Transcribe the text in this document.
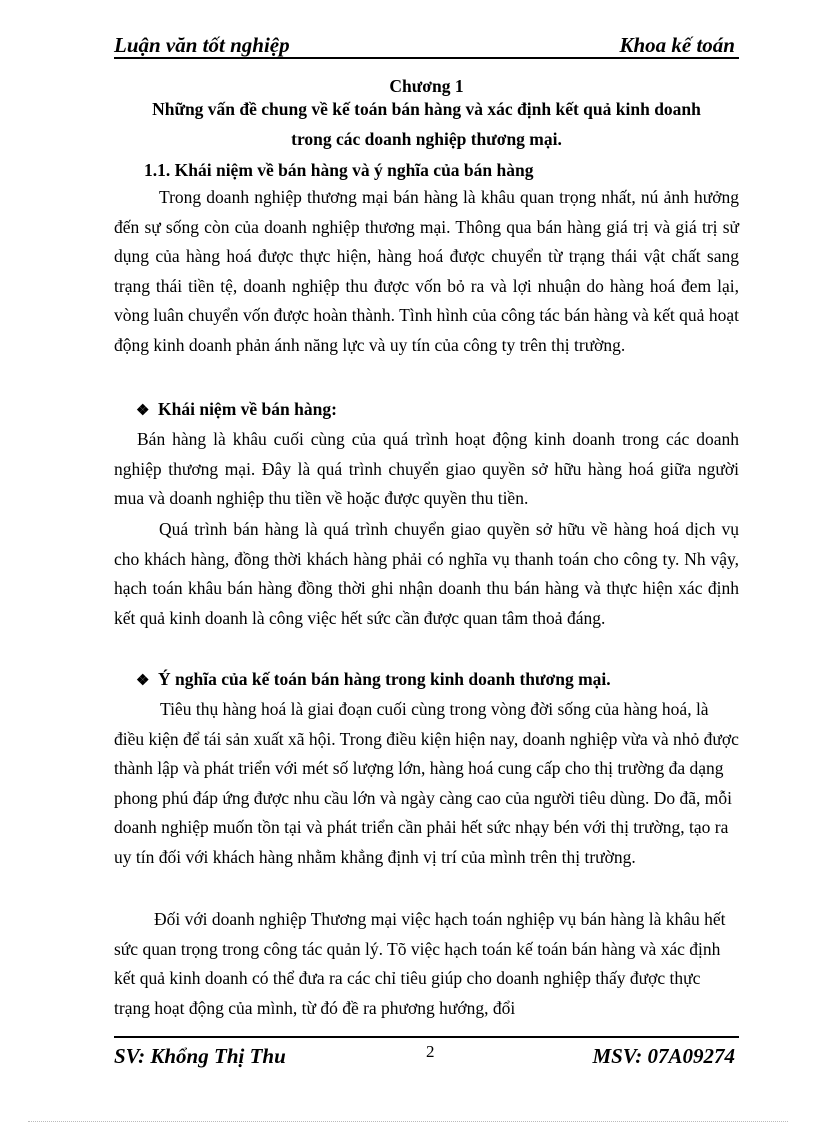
Luận văn tốt nghiệp	Khoa kế toán
Chương 1
Những vấn đề chung về kế toán bán hàng và xác định kết quả kinh doanh
trong các doanh nghiệp thương mại.
1.1. Khái niệm về bán hàng và ý nghĩa của bán hàng

Trong doanh nghiệp thương mại bán hàng là khâu quan trọng nhất, nú ảnh hưởng đến sự sống còn của doanh nghiệp thương mại. Thông qua bán hàng giá trị và giá trị sử dụng của hàng hoá được thực hiện, hàng hoá được chuyển từ trạng thái vật chất sang trạng thái tiền tệ, doanh nghiệp thu được vốn bỏ ra và lợi nhuận do hàng hoá đem lại, vòng luân chuyển vốn được hoàn thành. Tình hình của công tác bán hàng và kết quả hoạt động kinh doanh phản ánh năng lực và uy tín của công ty trên thị trường.

❖ Khái niệm về bán hàng:

Bán hàng là khâu cuối cùng của quá trình hoạt động kinh doanh trong các doanh nghiệp thương mại. Đây là quá trình chuyển giao quyền sở hữu hàng hoá giữa người mua và doanh nghiệp thu tiền về hoặc được quyền thu tiền.

Quá trình bán hàng là quá trình chuyển giao quyền sở hữu về hàng hoá dịch vụ cho khách hàng, đồng thời khách hàng phải có nghĩa vụ thanh toán cho công ty. Nh vậy, hạch toán khâu bán hàng đồng thời ghi nhận doanh thu bán hàng và thực hiện xác định kết quả kinh doanh là công việc hết sức cần được quan tâm thoả đáng.

❖ Ý nghĩa của kế toán bán hàng trong kinh doanh thương mại.

Tiêu thụ hàng hoá là giai đoạn cuối cùng trong vòng đời sống của hàng hoá, là điều kiện để tái sản xuất xã hội. Trong điều kiện hiện nay, doanh nghiệp vừa và nhỏ được thành lập và phát triển với mét số lượng lớn, hàng hoá cung cấp cho thị trường đa dạng phong phú đáp ứng được nhu cầu lớn và ngày càng cao của người tiêu dùng. Do đã, mỗi doanh nghiệp muốn tồn tại và phát triển cần phải hết sức nhạy bén với thị trường, tạo ra uy tín đối với khách hàng nhằm khẳng định vị trí của mình trên thị trường.

Đối với doanh nghiệp Thương mại việc hạch toán nghiệp vụ bán hàng là khâu hết sức quan trọng trong công tác quản lý. Tõ việc hạch toán kế toán bán hàng và xác định kết quả kinh doanh có thể đưa ra các chỉ tiêu giúp cho doanh nghiệp thấy được thực trạng hoạt động của mình, từ đó đề ra phương hướng, đổi

SV: Khổng Thị Thu	2	MSV: 07A09274
